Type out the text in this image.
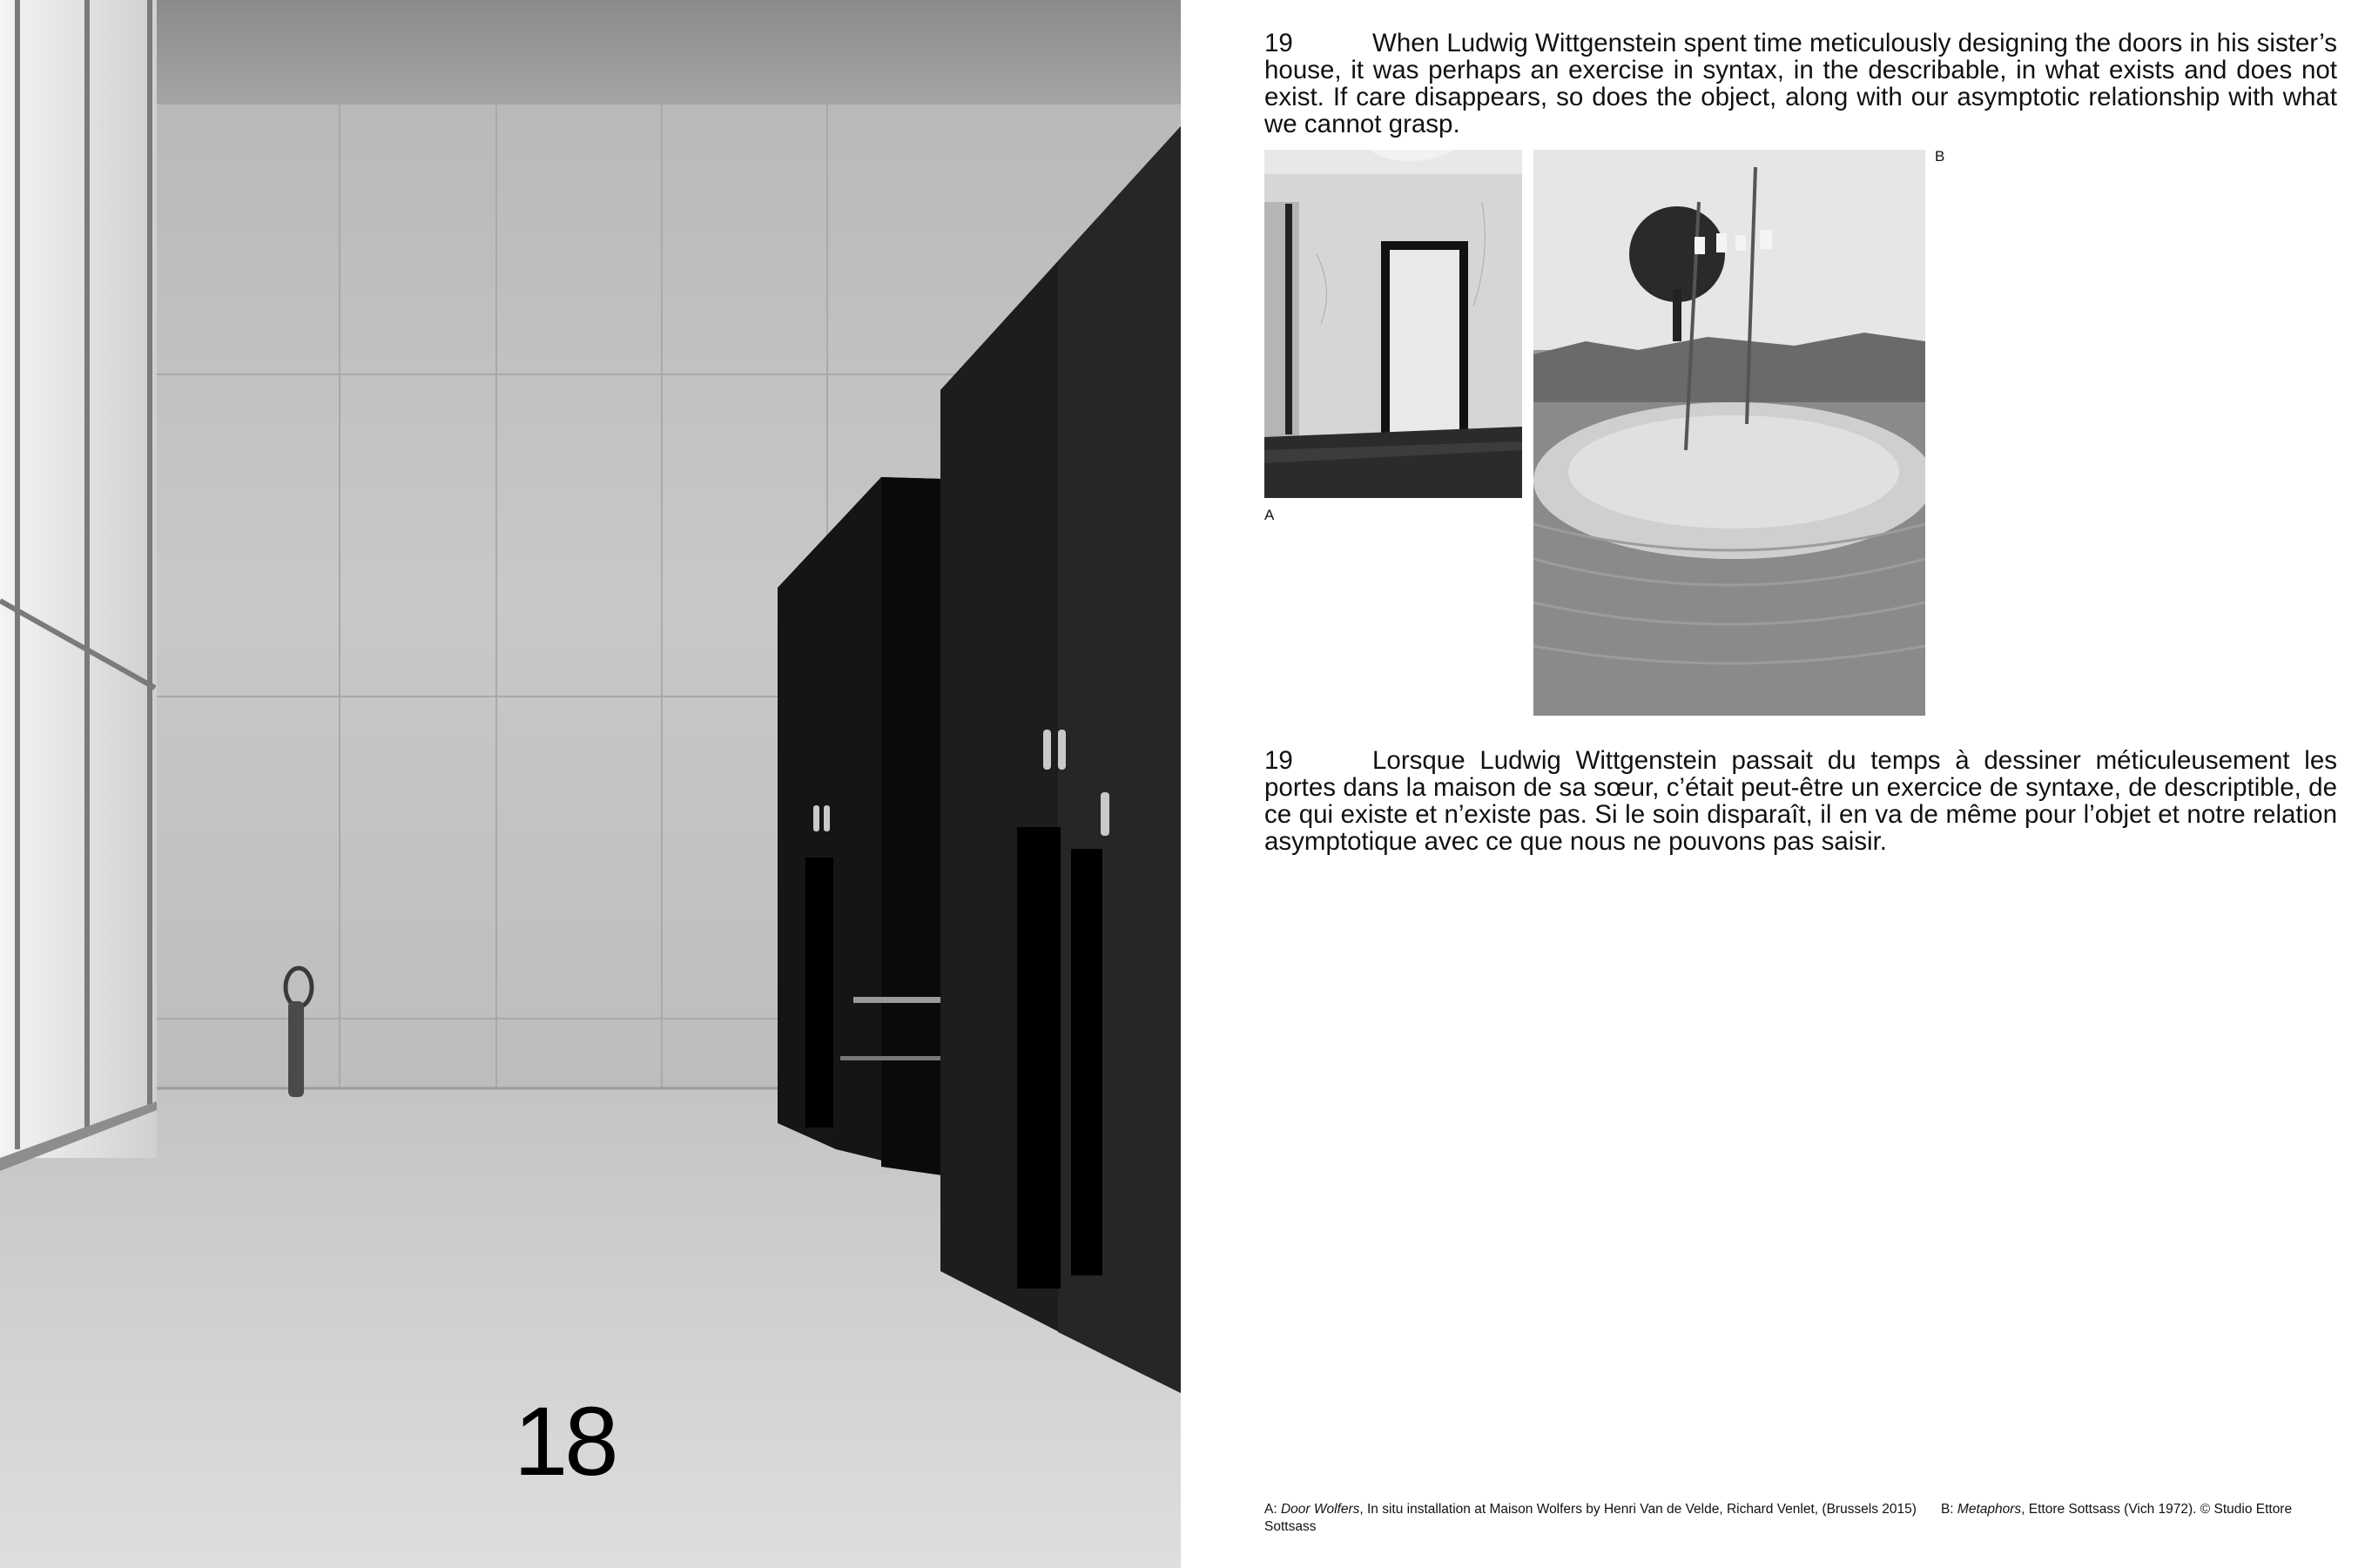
18

19	When Ludwig Wittgenstein spent time meticulously designing the doors in his sister’s house, it was perhaps an exercise in syntax, in the describable, in what exists and does not exist. If care disappears, so does the object, along with our asymptotic relationship with what we cannot grasp.

A
B

19	Lorsque Ludwig Wittgenstein passait du temps à dessiner méticuleusement les portes dans la maison de sa sœur, c’était peut-être un exercice de syntaxe, de descriptible, de ce qui existe et n’existe pas. Si le soin disparaît, il en va de même pour l’objet et notre relation asymptotique avec ce que nous ne pouvons pas saisir.

A: Door Wolfers, In situ installation at Maison Wolfers by Henri Van de Velde, Richard Venlet, (Brussels 2015) B: Metaphors, Ettore Sottsass (Vich 1972). © Studio Ettore Sottsass
